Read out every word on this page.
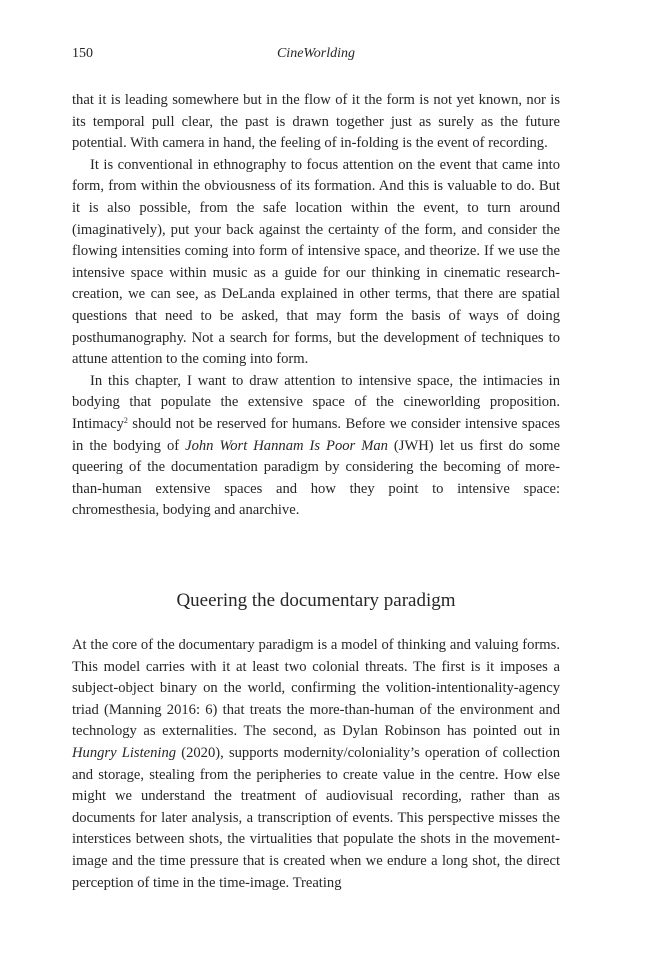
150	CineWorlding

that it is leading somewhere but in the flow of it the form is not yet known, nor is its temporal pull clear, the past is drawn together just as surely as the future potential. With camera in hand, the feeling of in-folding is the event of recording.

It is conventional in ethnography to focus attention on the event that came into form, from within the obviousness of its formation. And this is valuable to do. But it is also possible, from the safe location within the event, to turn around (imaginatively), put your back against the certainty of the form, and consider the flowing intensities coming into form of intensive space, and theorize. If we use the intensive space within music as a guide for our thinking in cinematic research-creation, we can see, as DeLanda explained in other terms, that there are spatial questions that need to be asked, that may form the basis of ways of doing posthumanography. Not a search for forms, but the development of techniques to attune attention to the coming into form.

In this chapter, I want to draw attention to intensive space, the intimacies in bodying that populate the extensive space of the cineworlding proposition. Intimacy$^2$ should not be reserved for humans. Before we consider intensive spaces in the bodying of John Wort Hannam Is Poor Man (JWH) let us first do some queering of the documentation paradigm by considering the becoming of more-than-human extensive spaces and how they point to intensive space: chromesthesia, bodying and anarchive.

Queering the documentary paradigm

At the core of the documentary paradigm is a model of thinking and valuing forms. This model carries with it at least two colonial threats. The first is it imposes a subject-object binary on the world, confirming the volition-intentionality-agency triad (Manning 2016: 6) that treats the more-than-human of the environment and technology as externalities. The second, as Dylan Robinson has pointed out in Hungry Listening (2020), supports modernity/coloniality’s operation of collection and storage, stealing from the peripheries to create value in the centre. How else might we understand the treatment of audiovisual recording, rather than as documents for later analysis, a transcription of events. This perspective misses the interstices between shots, the virtualities that populate the shots in the movement-image and the time pressure that is created when we endure a long shot, the direct perception of time in the time-image. Treating
